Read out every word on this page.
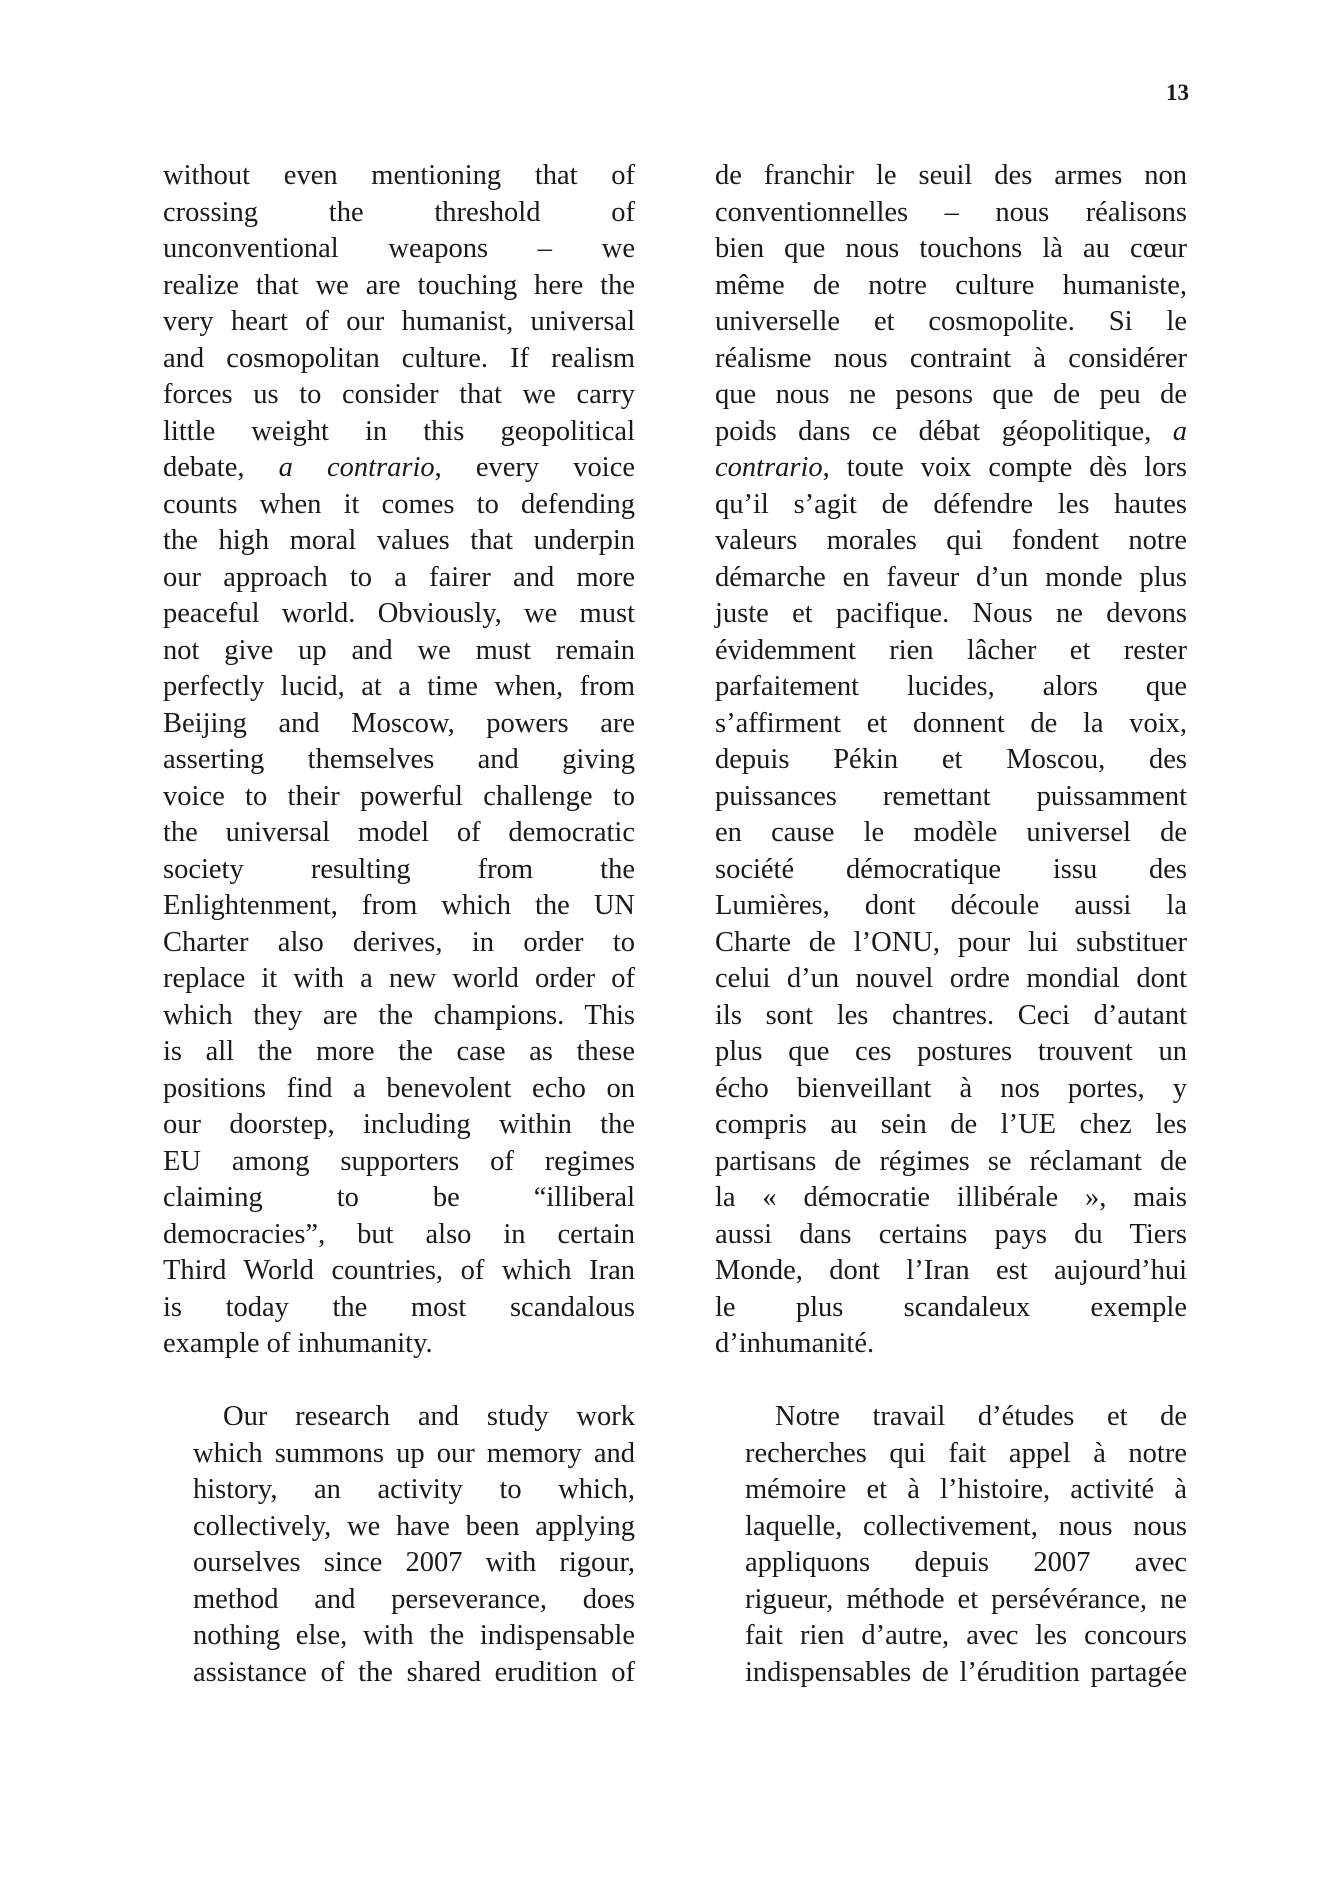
13
without even mentioning that of
crossing the threshold of
unconventional weapons – we
realize that we are touching here the
very heart of our humanist, universal
and cosmopolitan culture. If realism
forces us to consider that we carry
little weight in this geopolitical
debate, a contrario, every voice
counts when it comes to defending
the high moral values that underpin
our approach to a fairer and more
peaceful world. Obviously, we must
not give up and we must remain
perfectly lucid, at a time when, from
Beijing and Moscow, powers are
asserting themselves and giving
voice to their powerful challenge to
the universal model of democratic
society resulting from the
Enlightenment, from which the UN
Charter also derives, in order to
replace it with a new world order of
which they are the champions. This
is all the more the case as these
positions find a benevolent echo on
our doorstep, including within the
EU among supporters of regimes
claiming to be “illiberal
democracies”, but also in certain
Third World countries, of which Iran
is today the most scandalous
example of inhumanity.
Our research and study work
which summons up our memory and
history, an activity to which,
collectively, we have been applying
ourselves since 2007 with rigour,
method and perseverance, does
nothing else, with the indispensable
assistance of the shared erudition of
de franchir le seuil des armes non
conventionnelles – nous réalisons
bien que nous touchons là au cœur
même de notre culture humaniste,
universelle et cosmopolite. Si le
réalisme nous contraint à considérer
que nous ne pesons que de peu de
poids dans ce débat géopolitique, a
contrario, toute voix compte dès lors
qu’il s’agit de défendre les hautes
valeurs morales qui fondent notre
démarche en faveur d’un monde plus
juste et pacifique. Nous ne devons
évidemment rien lâcher et rester
parfaitement lucides, alors que
s’affirment et donnent de la voix,
depuis Pékin et Moscou, des
puissances remettant puissamment
en cause le modèle universel de
société démocratique issu des
Lumières, dont découle aussi la
Charte de l’ONU, pour lui substituer
celui d’un nouvel ordre mondial dont
ils sont les chantres. Ceci d’autant
plus que ces postures trouvent un
écho bienveillant à nos portes, y
compris au sein de l’UE chez les
partisans de régimes se réclamant de
la « démocratie illibérale », mais
aussi dans certains pays du Tiers
Monde, dont l’Iran est aujourd’hui
le plus scandaleux exemple
d’inhumanité.
Notre travail d’études et de
recherches qui fait appel à notre
mémoire et à l’histoire, activité à
laquelle, collectivement, nous nous
appliquons depuis 2007 avec
rigueur, méthode et persévérance, ne
fait rien d’autre, avec les concours
indispensables de l’érudition partagée
